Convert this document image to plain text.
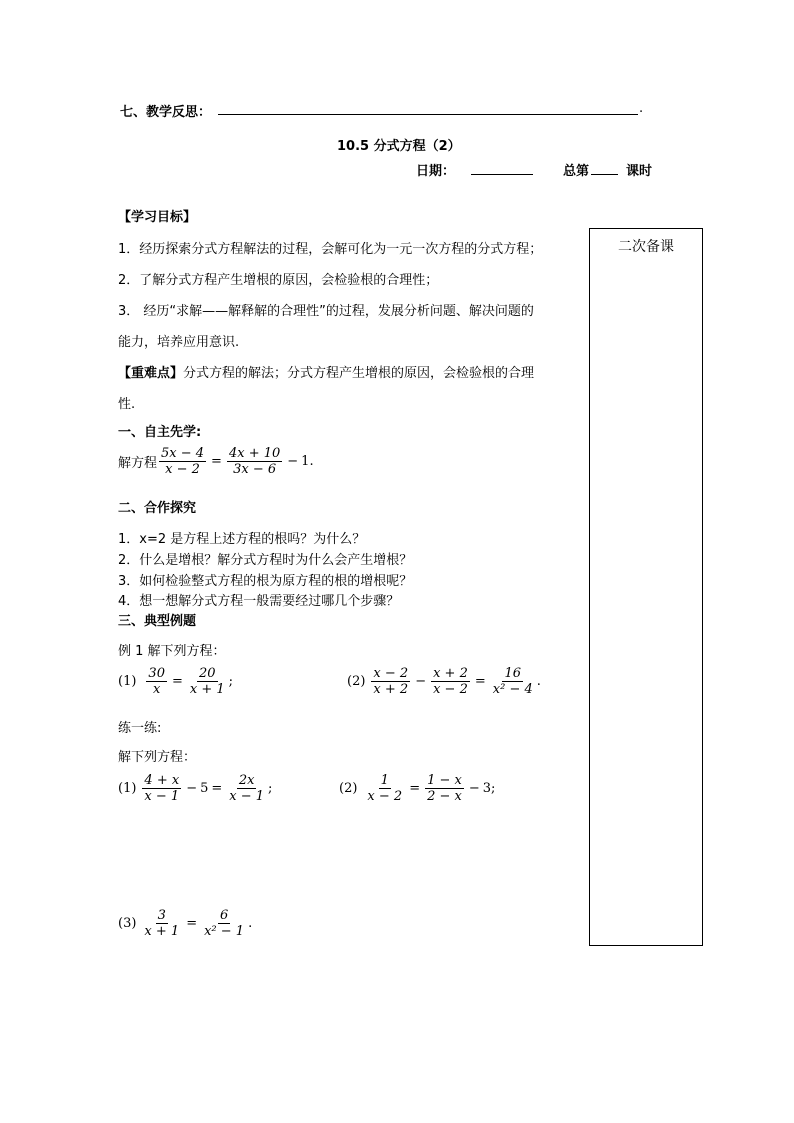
七、教学反思：	.
10.5 分式方程（2）
日期：	总第	课时
【学习目标】
1．经历探索分式方程解法的过程，会解可化为一元一次方程的分式方程；
2．了解分式方程产生增根的原因，会检验根的合理性；
3． 经历“求解——解释解的合理性”的过程，发展分析问题、解决问题的
能力，培养应用意识.
【重难点】分式方程的解法；分式方程产生增根的原因，会检验根的合理
性.
一、自主先学:
解方程 $\frac{5x - 4}{x - 2} = \frac{4x + 10}{3x - 6} - 1$.
二、合作探究
1．x=2 是方程上述方程的根吗？为什么？
2．什么是增根？解分式方程时为什么会产生增根？
3．如何检验整式方程的根为原方程的根的增根呢？
4．想一想解分式方程一般需要经过哪几个步骤？
三、典型例题
例 1 解下列方程：
$(1) \frac{30}{x} = \frac{20}{x + 1}$ ;	$(2) \frac{x - 2}{x + 2} - \frac{x + 2}{x - 2} = \frac{16}{\text{x² − 4}}$ .
练一练:
解下列方程：
$(1) \frac{4 + x}{x - 1} - 5 = \frac{2x}{x - 1}$ ;	$(2) \frac{1}{x - 2} = \frac{1 - x}{2 - x} - 3$ ;
$(3) \frac{3}{x + 1} = \frac{6}{\text{x² − 1}}$ .
二次备课
